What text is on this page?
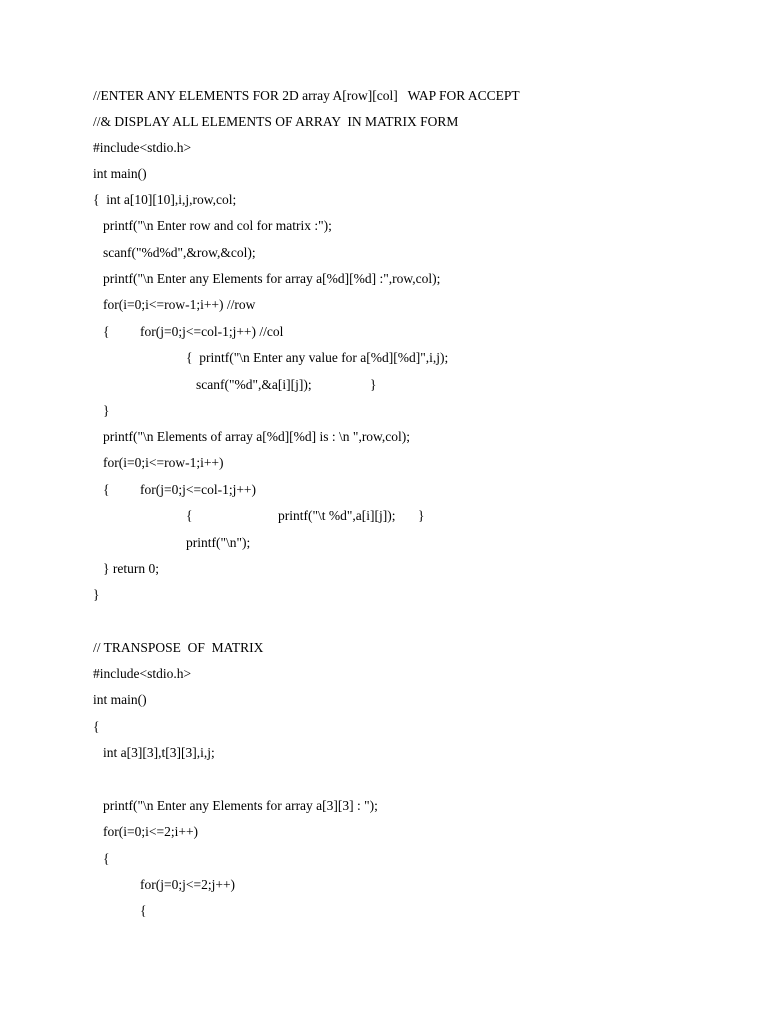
//ENTER ANY ELEMENTS FOR 2D array A[row][col]   WAP FOR ACCEPT
//& DISPLAY ALL ELEMENTS OF ARRAY  IN MATRIX FORM
#include<stdio.h>
int main()
{  int a[10][10],i,j,row,col;
printf("\n Enter row and col for matrix :");
scanf("%d%d",&row,&col);
printf("\n Enter any Elements for array a[%d][%d] :",row,col);
for(i=0;i<=row-1;i++) //row
{ for(j=0;j<=col-1;j++) //col
{  printf("\n Enter any value for a[%d][%d]",i,j);
scanf("%d",&a[i][j]);	}
}
printf("\n Elements of array a[%d][%d] is : \n ",row,col);
for(i=0;i<=row-1;i++)
{ for(j=0;j<=col-1;j++)
{	printf("\t %d",a[i][j]); }
printf("\n");
} return 0;
}
// TRANSPOSE  OF  MATRIX
#include<stdio.h>
int main()
{
int a[3][3],t[3][3],i,j;
printf("\n Enter any Elements for array a[3][3] : ");
for(i=0;i<=2;i++)
{
for(j=0;j<=2;j++)
{
